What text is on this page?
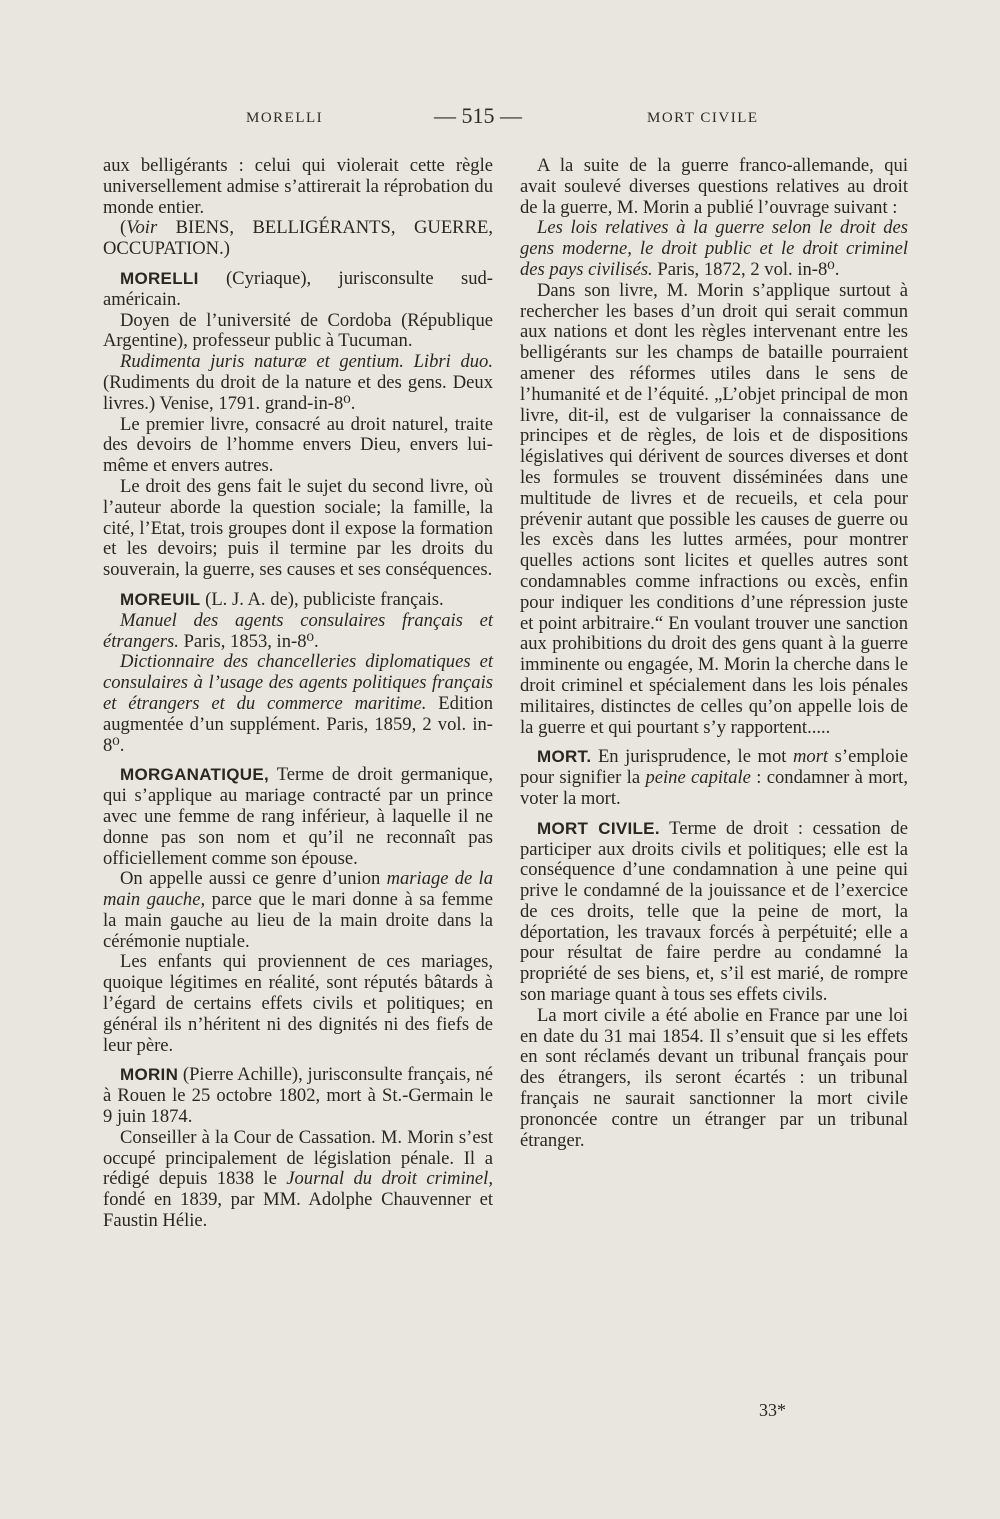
MORELLI	— 515 —	MORT CIVILE

aux belligérants : celui qui violerait cette règle universellement admise s’attirerait la réprobation du monde entier.

(Voir BIENS, BELLIGÉRANTS, GUERRE, OCCUPATION.)

MORELLI (Cyriaque), jurisconsulte sud-américain.

Doyen de l’université de Cordoba (République Argentine), professeur public à Tucuman.

Rudimenta juris naturæ et gentium. Libri duo. (Rudiments du droit de la nature et des gens. Deux livres.) Venise, 1791. grand-in-8⁰.

Le premier livre, consacré au droit naturel, traite des devoirs de l’homme envers Dieu, envers lui-même et envers autres.

Le droit des gens fait le sujet du second livre, où l’auteur aborde la question sociale; la famille, la cité, l’Etat, trois groupes dont il expose la formation et les devoirs; puis il termine par les droits du souverain, la guerre, ses causes et ses conséquences.

MOREUIL (L. J. A. de), publiciste français.

Manuel des agents consulaires français et étrangers. Paris, 1853, in-8⁰.

Dictionnaire des chancelleries diplomatiques et consulaires à l’usage des agents politiques français et étrangers et du commerce maritime. Edition augmentée d’un supplément. Paris, 1859, 2 vol. in-8⁰.

MORGANATIQUE, Terme de droit germanique, qui s’applique au mariage contracté par un prince avec une femme de rang inférieur, à laquelle il ne donne pas son nom et qu’il ne reconnaît pas officiellement comme son épouse.

On appelle aussi ce genre d’union mariage de la main gauche, parce que le mari donne à sa femme la main gauche au lieu de la main droite dans la cérémonie nuptiale.

Les enfants qui proviennent de ces mariages, quoique légitimes en réalité, sont réputés bâtards à l’égard de certains effets civils et politiques; en général ils n’héritent ni des dignités ni des fiefs de leur père.

MORIN (Pierre Achille), jurisconsulte français, né à Rouen le 25 octobre 1802, mort à St.-Germain le 9 juin 1874.

Conseiller à la Cour de Cassation. M. Morin s’est occupé principalement de législation pénale. Il a rédigé depuis 1838 le Journal du droit criminel, fondé en 1839, par MM. Adolphe Chauvenner et Faustin Hélie.

A la suite de la guerre franco-allemande, qui avait soulevé diverses questions relatives au droit de la guerre, M. Morin a publié l’ouvrage suivant :

Les lois relatives à la guerre selon le droit des gens moderne, le droit public et le droit criminel des pays civilisés. Paris, 1872, 2 vol. in-8⁰.

Dans son livre, M. Morin s’applique surtout à rechercher les bases d’un droit qui serait commun aux nations et dont les règles intervenant entre les belligérants sur les champs de bataille pourraient amener des réformes utiles dans le sens de l’humanité et de l’équité. „L’objet principal de mon livre, dit-il, est de vulgariser la connaissance de principes et de règles, de lois et de dispositions législatives qui dérivent de sources diverses et dont les formules se trouvent disséminées dans une multitude de livres et de recueils, et cela pour prévenir autant que possible les causes de guerre ou les excès dans les luttes armées, pour montrer quelles actions sont licites et quelles autres sont condamnables comme infractions ou excès, enfin pour indiquer les conditions d’une répression juste et point arbitraire.“ En voulant trouver une sanction aux prohibitions du droit des gens quant à la guerre imminente ou engagée, M. Morin la cherche dans le droit criminel et spécialement dans les lois pénales militaires, distinctes de celles qu’on appelle lois de la guerre et qui pourtant s’y rapportent.....

MORT. En jurisprudence, le mot mort s’emploie pour signifier la peine capitale : condamner à mort, voter la mort.

MORT CIVILE. Terme de droit : cessation de participer aux droits civils et politiques; elle est la conséquence d’une condamnation à une peine qui prive le condamné de la jouissance et de l’exercice de ces droits, telle que la peine de mort, la déportation, les travaux forcés à perpétuité; elle a pour résultat de faire perdre au condamné la propriété de ses biens, et, s’il est marié, de rompre son mariage quant à tous ses effets civils.

La mort civile a été abolie en France par une loi en date du 31 mai 1854. Il s’ensuit que si les effets en sont réclamés devant un tribunal français pour des étrangers, ils seront écartés : un tribunal français ne saurait sanctionner la mort civile prononcée contre un étranger par un tribunal étranger.

33*
